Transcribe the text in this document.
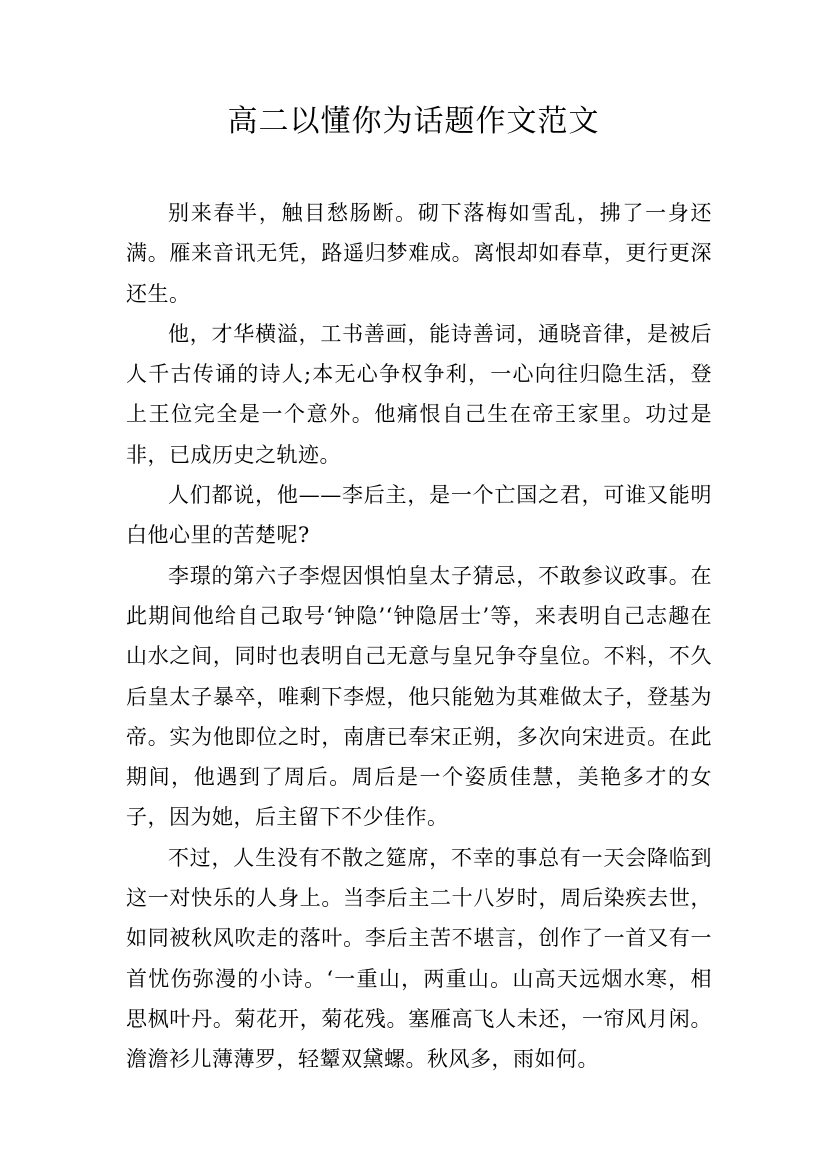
高二以懂你为话题作文范文

别来春半，触目愁肠断。砌下落梅如雪乱，拂了一身还满。雁来音讯无凭，路遥归梦难成。离恨却如春草，更行更深还生。

他，才华横溢，工书善画，能诗善词，通晓音律，是被后人千古传诵的诗人;本无心争权争利，一心向往归隐生活，登上王位完全是一个意外。他痛恨自己生在帝王家里。功过是非，已成历史之轨迹。

人们都说，他——李后主，是一个亡国之君，可谁又能明白他心里的苦楚呢?

李璟的第六子李煜因惧怕皇太子猜忌，不敢参议政事。在此期间他给自己取号‘钟隐’‘钟隐居士’等，来表明自己志趣在山水之间，同时也表明自己无意与皇兄争夺皇位。不料，不久后皇太子暴卒，唯剩下李煜，他只能勉为其难做太子，登基为帝。实为他即位之时，南唐已奉宋正朔，多次向宋进贡。在此期间，他遇到了周后。周后是一个姿质佳慧，美艳多才的女子，因为她，后主留下不少佳作。

不过，人生没有不散之筵席，不幸的事总有一天会降临到这一对快乐的人身上。当李后主二十八岁时，周后染疾去世，如同被秋风吹走的落叶。李后主苦不堪言，创作了一首又有一首忧伤弥漫的小诗。‘一重山，两重山。山高天远烟水寒，相思枫叶丹。菊花开，菊花残。塞雁高飞人未还，一帘风月闲。澹澹衫儿薄薄罗，轻颦双黛螺。秋风多，雨如何。
